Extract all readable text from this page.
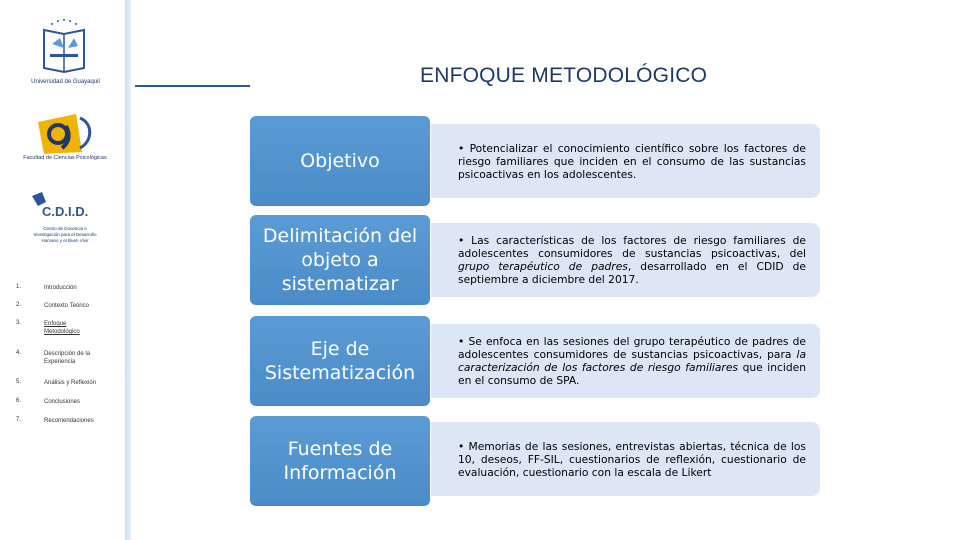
Universidad de Guayaquil
Facultad de Ciencias Psicológicas
C.D.I.D.
Centro de Docencia e Investigación para el Desarrollo Humano y el Buen Vivir
1.	Introducción
2.	Contexto Teórico
3.	Enfoque Metodológico
4.	Descripción de la Experiencia
5.	Análisis y Reflexión
6.	Conclusiones
7.	Recomendaciones
ENFOQUE METODOLÓGICO
Objetivo
• Potencializar el conocimiento científico sobre los factores de riesgo familiares que inciden en el consumo de las sustancias psicoactivas en los adolescentes.
Delimitación del objeto a sistematizar
• Las características de los factores de riesgo familiares de adolescentes consumidores de sustancias psicoactivas, del grupo terapéutico de padres, desarrollado en el CDID de septiembre a diciembre del 2017.
Eje de Sistematización
• Se enfoca en las sesiones del grupo terapéutico de padres de adolescentes consumidores de sustancias psicoactivas, para la caracterización de los factores de riesgo familiares que inciden en el consumo de SPA.
Fuentes de Información
• Memorias de las sesiones, entrevistas abiertas, técnica de los 10, deseos, FF-SIL, cuestionarios de reflexión, cuestionario de evaluación, cuestionario con la escala de Likert
